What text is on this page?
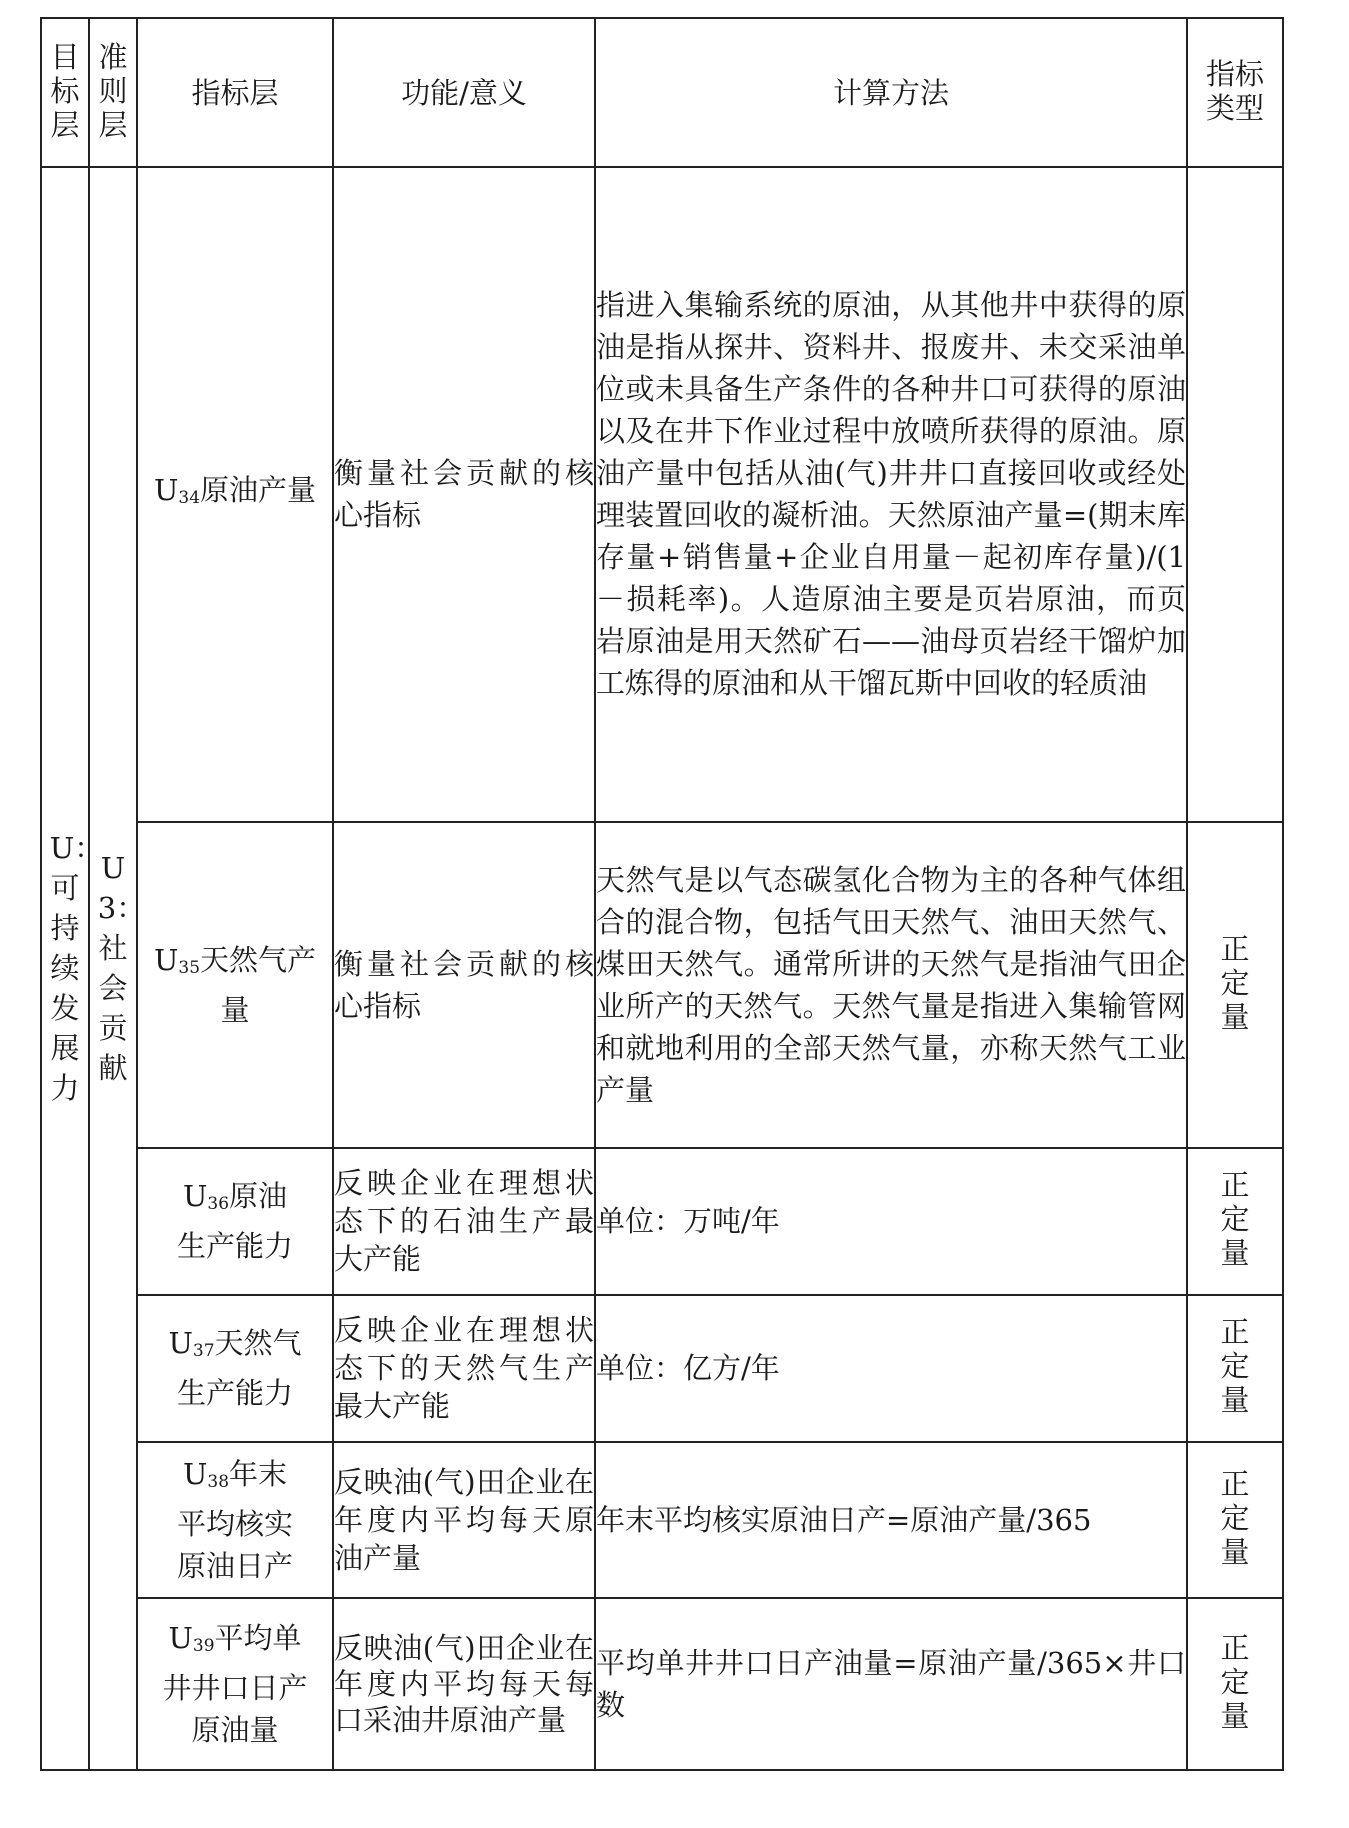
目标层	准则层	指标层	功能/意义	计算方法	指标类型
U：可持续发展力	U3：社会贡献	$U_{34}$原油产量	衡量社会贡献的核心指标	指进入集输系统的原油，从其他井中获得的原油是指从探井、资料井、报废井、未交采油单位或未具备生产条件的各种井口可获得的原油以及在井下作业过程中放喷所获得的原油。原油产量中包括从油(气)井井口直接回收或经处理装置回收的凝析油。天然原油产量=(期末库存量+销售量+企业自用量－起初库存量)/(1－损耗率)。人造原油主要是页岩原油，而页岩原油是用天然矿石——油母页岩经干馏炉加工炼得的原油和从干馏瓦斯中回收的轻质油	
		$U_{35}$天然气产量	衡量社会贡献的核心指标	天然气是以气态碳氢化合物为主的各种气体组合的混合物，包括气田天然气、油田天然气、煤田天然气。通常所讲的天然气是指油气田企业所产的天然气。天然气量是指进入集输管网和就地利用的全部天然气量，亦称天然气工业产量	正定量
		$U_{36}$原油生产能力	反映企业在理想状态下的石油生产最大产能	单位：万吨/年	正定量
		$U_{37}$天然气生产能力	反映企业在理想状态下的天然气生产最大产能	单位：亿方/年	正定量
		$U_{38}$年末平均核实原油日产	反映油(气)田企业在年度内平均每天原油产量	年末平均核实原油日产=原油产量/365	正定量
		$U_{39}$平均单井井口日产原油量	反映油(气)田企业在年度内平均每天每口采油井原油产量	平均单井井口日产油量=原油产量/365×井口数	正定量
